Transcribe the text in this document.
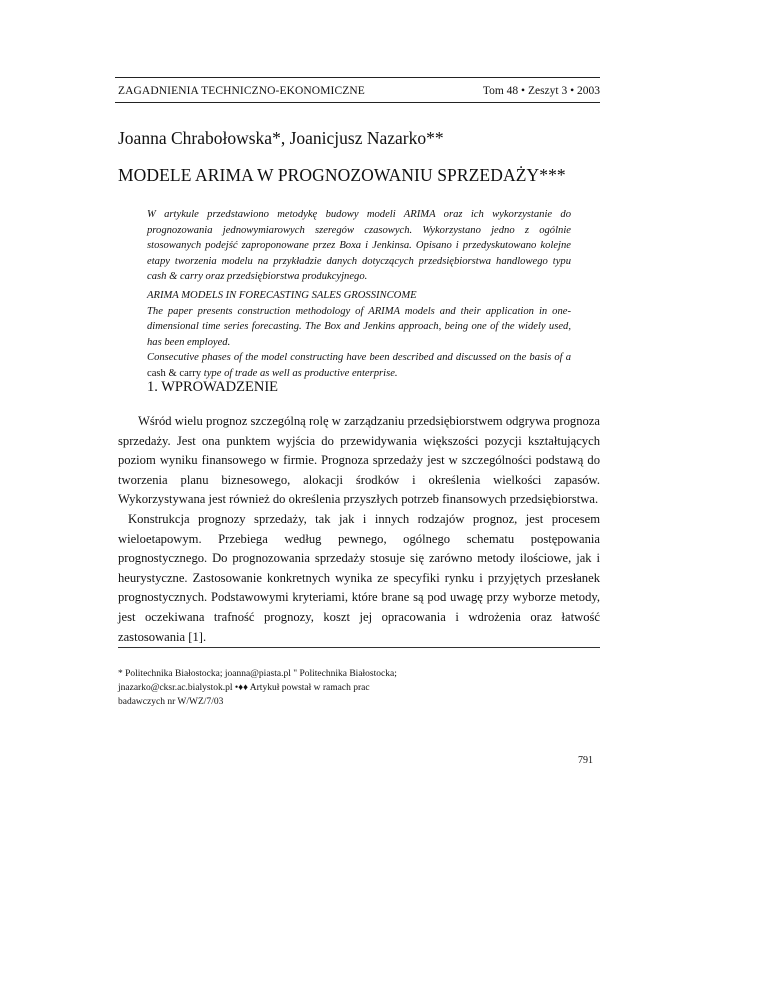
ZAGADNIENIA TECHNICZNO-EKONOMICZNE	Tom 48 • Zeszyt 3 • 2003
Joanna Chrabołowska*, Joanicjusz Nazarko**
MODELE ARIMA W PROGNOZOWANIU SPRZEDAŻY***

W artykule przedstawiono metodykę budowy modeli ARIMA oraz ich wykorzystanie do prognozowania jednowymiarowych szeregów czasowych. Wykorzystano jedno z ogólnie stosowanych podejść zaproponowane przez Boxa i Jenkinsa. Opisano i przedyskutowano kolejne etapy tworzenia modelu na przykładzie danych dotyczących przedsiębiorstwa handlowego typu cash & carry oraz przedsiębiorstwa produkcyjnego.

ARIMA MODELS IN FORECASTING SALES GROSSINCOME

The paper presents construction methodology of ARIMA models and their application in one-dimensional time series forecasting. The Box and Jenkins approach, being one of the widely used, has been employed.

Consecutive phases of the model constructing have been described and discussed on the basis of a cash & carry type of trade as well as productive enterprise.

1. WPROWADZENIE

Wśród wielu prognoz szczególną rolę w zarządzaniu przedsiębiorstwem odgrywa prognoza sprzedaży. Jest ona punktem wyjścia do przewidywania większości pozycji kształtujących poziom wyniku finansowego w firmie. Prognoza sprzedaży jest w szczególności podstawą do tworzenia planu biznesowego, alokacji środków i określenia wielkości zapasów. Wykorzystywana jest również do określenia przyszłych potrzeb finansowych przedsiębiorstwa.

Konstrukcja prognozy sprzedaży, tak jak i innych rodzajów prognoz, jest procesem wieloetapowym. Przebiega według pewnego, ogólnego schematu postępowania prognostycznego. Do prognozowania sprzedaży stosuje się zarówno metody ilościowe, jak i heurystyczne. Zastosowanie konkretnych wynika ze specyfiki rynku i przyjętych przesłanek prognostycznych. Podstawowymi kryteriami, które brane są pod uwagę przy wyborze metody, jest oczekiwana trafność prognozy, koszt jej opracowania i wdrożenia oraz łatwość zastosowania [1].

* Politechnika Białostocka; joanna@piasta.pl " Politechnika Białostocka; jnazarko@cksr.ac.bialystok.pl •♦♦ Artykuł powstał w ramach prac badawczych nr W/WZ/7/03
791
